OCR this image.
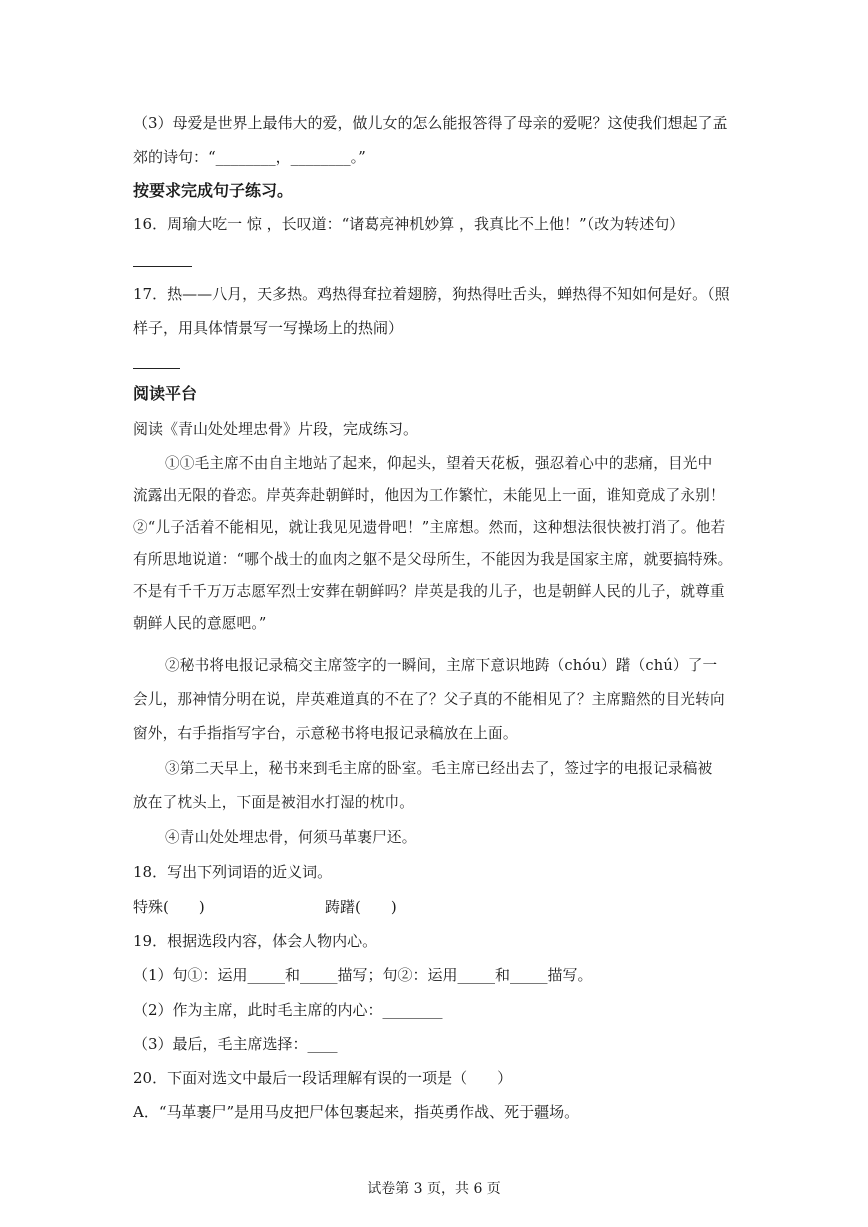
（3）母爱是世界上最伟大的爱，做儿女的怎么能报答得了母亲的爱呢？这使我们想起了孟
郊的诗句：“________，________。”
按要求完成句子练习。
16．周瑜大吃一 惊 ，长叹道：“诸葛亮神机妙算 ，我真比不上他！”（改为转述句）
17．热——八月，天多热。鸡热得耷拉着翅膀，狗热得吐舌头，蝉热得不知如何是好。（照
样子，用具体情景写一写操场上的热闹）
阅读平台
阅读《青山处处埋忠骨》片段，完成练习。
①①毛主席不由自主地站了起来，仰起头，望着天花板，强忍着心中的悲痛，目光中
流露出无限的眷恋。岸英奔赴朝鲜时，他因为工作繁忙，未能见上一面，谁知竟成了永别！
②“儿子活着不能相见，就让我见见遗骨吧！”主席想。然而，这种想法很快被打消了。他若
有所思地说道：“哪个战士的血肉之躯不是父母所生，不能因为我是国家主席，就要搞特殊。
不是有千千万万志愿军烈士安葬在朝鲜吗？岸英是我的儿子，也是朝鲜人民的儿子，就尊重
朝鲜人民的意愿吧。”
②秘书将电报记录稿交主席签字的一瞬间，主席下意识地踌（chóu）躇（chú）了一
会儿，那神情分明在说，岸英难道真的不在了？父子真的不能相见了？主席黯然的目光转向
窗外，右手指指写字台，示意秘书将电报记录稿放在上面。
③第二天早上，秘书来到毛主席的卧室。毛主席已经出去了，签过字的电报记录稿被
放在了枕头上，下面是被泪水打湿的枕巾。
④青山处处埋忠骨，何须马革裹尸还。
18．写出下列词语的近义词。
特殊(　　)	踌躇(　　)
19．根据选段内容，体会人物内心。
（1）句①：运用_____和_____描写；句②：运用_____和_____描写。
（2）作为主席，此时毛主席的内心：________
（3）最后，毛主席选择：____
20．下面对选文中最后一段话理解有误的一项是（　　）
A．“马革裹尸”是用马皮把尸体包裹起来，指英勇作战、死于疆场。
试卷第 3 页，共 6 页
